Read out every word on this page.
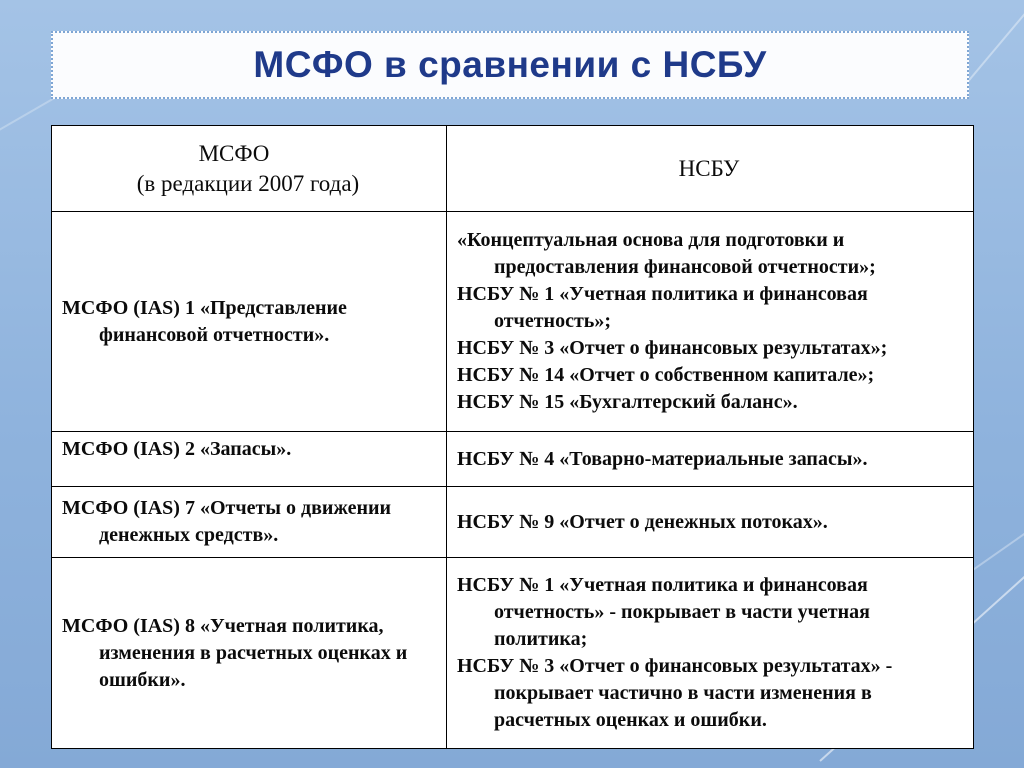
МСФО в сравнении с НСБУ
МСФО
(в редакции 2007 года)	НСБУ

МСФО (IAS) 1 «Представление финансовой отчетности».	«Концептуальная основа для подготовки и предоставления финансовой отчетности»;
НСБУ № 1 «Учетная политика и финансовая отчетность»;
НСБУ № 3 «Отчет о финансовых результатах»;
НСБУ № 14 «Отчет о собственном капитале»;
НСБУ № 15 «Бухгалтерский баланс».

МСФО (IAS) 2 «Запасы».	НСБУ № 4 «Товарно-материальные запасы».

МСФО (IAS) 7 «Отчеты о движении денежных средств».	НСБУ № 9 «Отчет о денежных потоках».

МСФО (IAS) 8 «Учетная политика, изменения в расчетных оценках и ошибки».	НСБУ № 1 «Учетная политика и финансовая отчетность» - покрывает в части учетная политика;
НСБУ № 3 «Отчет о финансовых результатах» - покрывает частично в части изменения в расчетных оценках и ошибки.
